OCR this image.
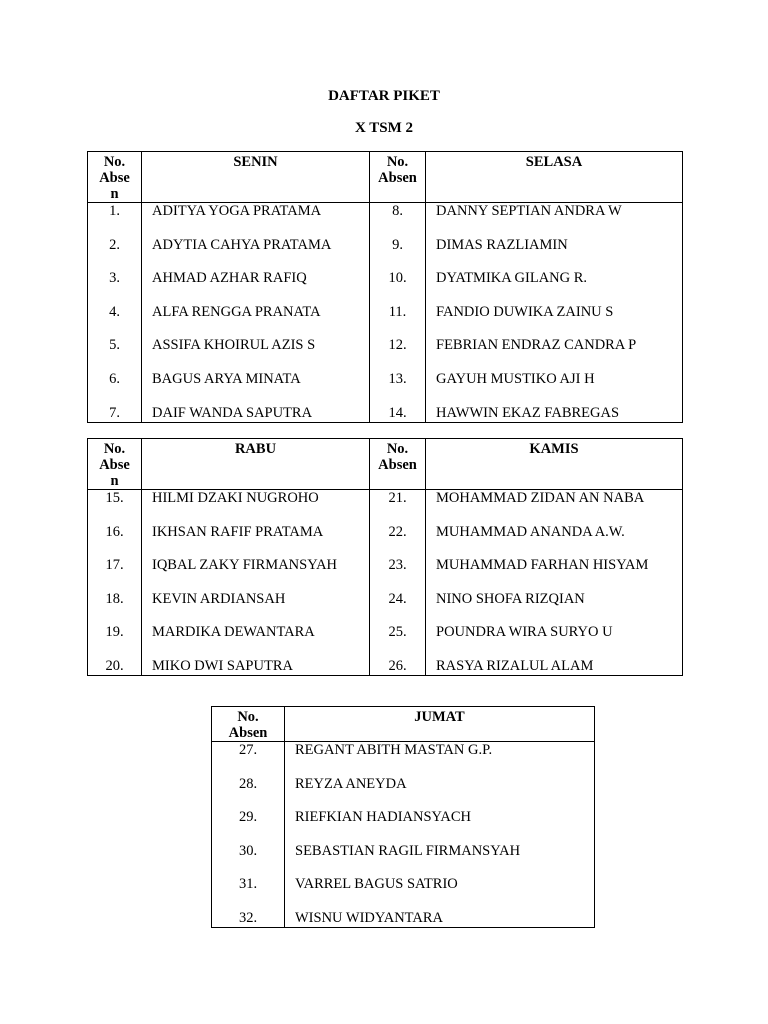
DAFTAR PIKET
X TSM 2
No. Abse n	SENIN	No. Absen	SELASA
1.	ADITYA YOGA PRATAMA	8.	DANNY SEPTIAN ANDRA W
2.	ADYTIA CAHYA PRATAMA	9.	DIMAS RAZLIAMIN
3.	AHMAD AZHAR RAFIQ	10.	DYATMIKA GILANG R.
4.	ALFA RENGGA PRANATA	11.	FANDIO DUWIKA ZAINU S
5.	ASSIFA KHOIRUL AZIS S	12.	FEBRIAN ENDRAZ CANDRA P
6.	BAGUS ARYA MINATA	13.	GAYUH MUSTIKO AJI H
7.	DAIF WANDA SAPUTRA	14.	HAWWIN EKAZ FABREGAS
No. Abse n	RABU	No. Absen	KAMIS
15.	HILMI DZAKI NUGROHO	21.	MOHAMMAD ZIDAN AN NABA
16.	IKHSAN RAFIF PRATAMA	22.	MUHAMMAD ANANDA A.W.
17.	IQBAL ZAKY FIRMANSYAH	23.	MUHAMMAD FARHAN HISYAM
18.	KEVIN ARDIANSAH	24.	NINO SHOFA RIZQIAN
19.	MARDIKA DEWANTARA	25.	POUNDRA WIRA SURYO U
20.	MIKO DWI SAPUTRA	26.	RASYA RIZALUL ALAM
No. Absen	JUMAT
27.	REGANT ABITH MASTAN G.P.
28.	REYZA ANEYDA
29.	RIEFKIAN HADIANSYACH
30.	SEBASTIAN RAGIL FIRMANSYAH
31.	VARREL BAGUS SATRIO
32.	WISNU WIDYANTARA
